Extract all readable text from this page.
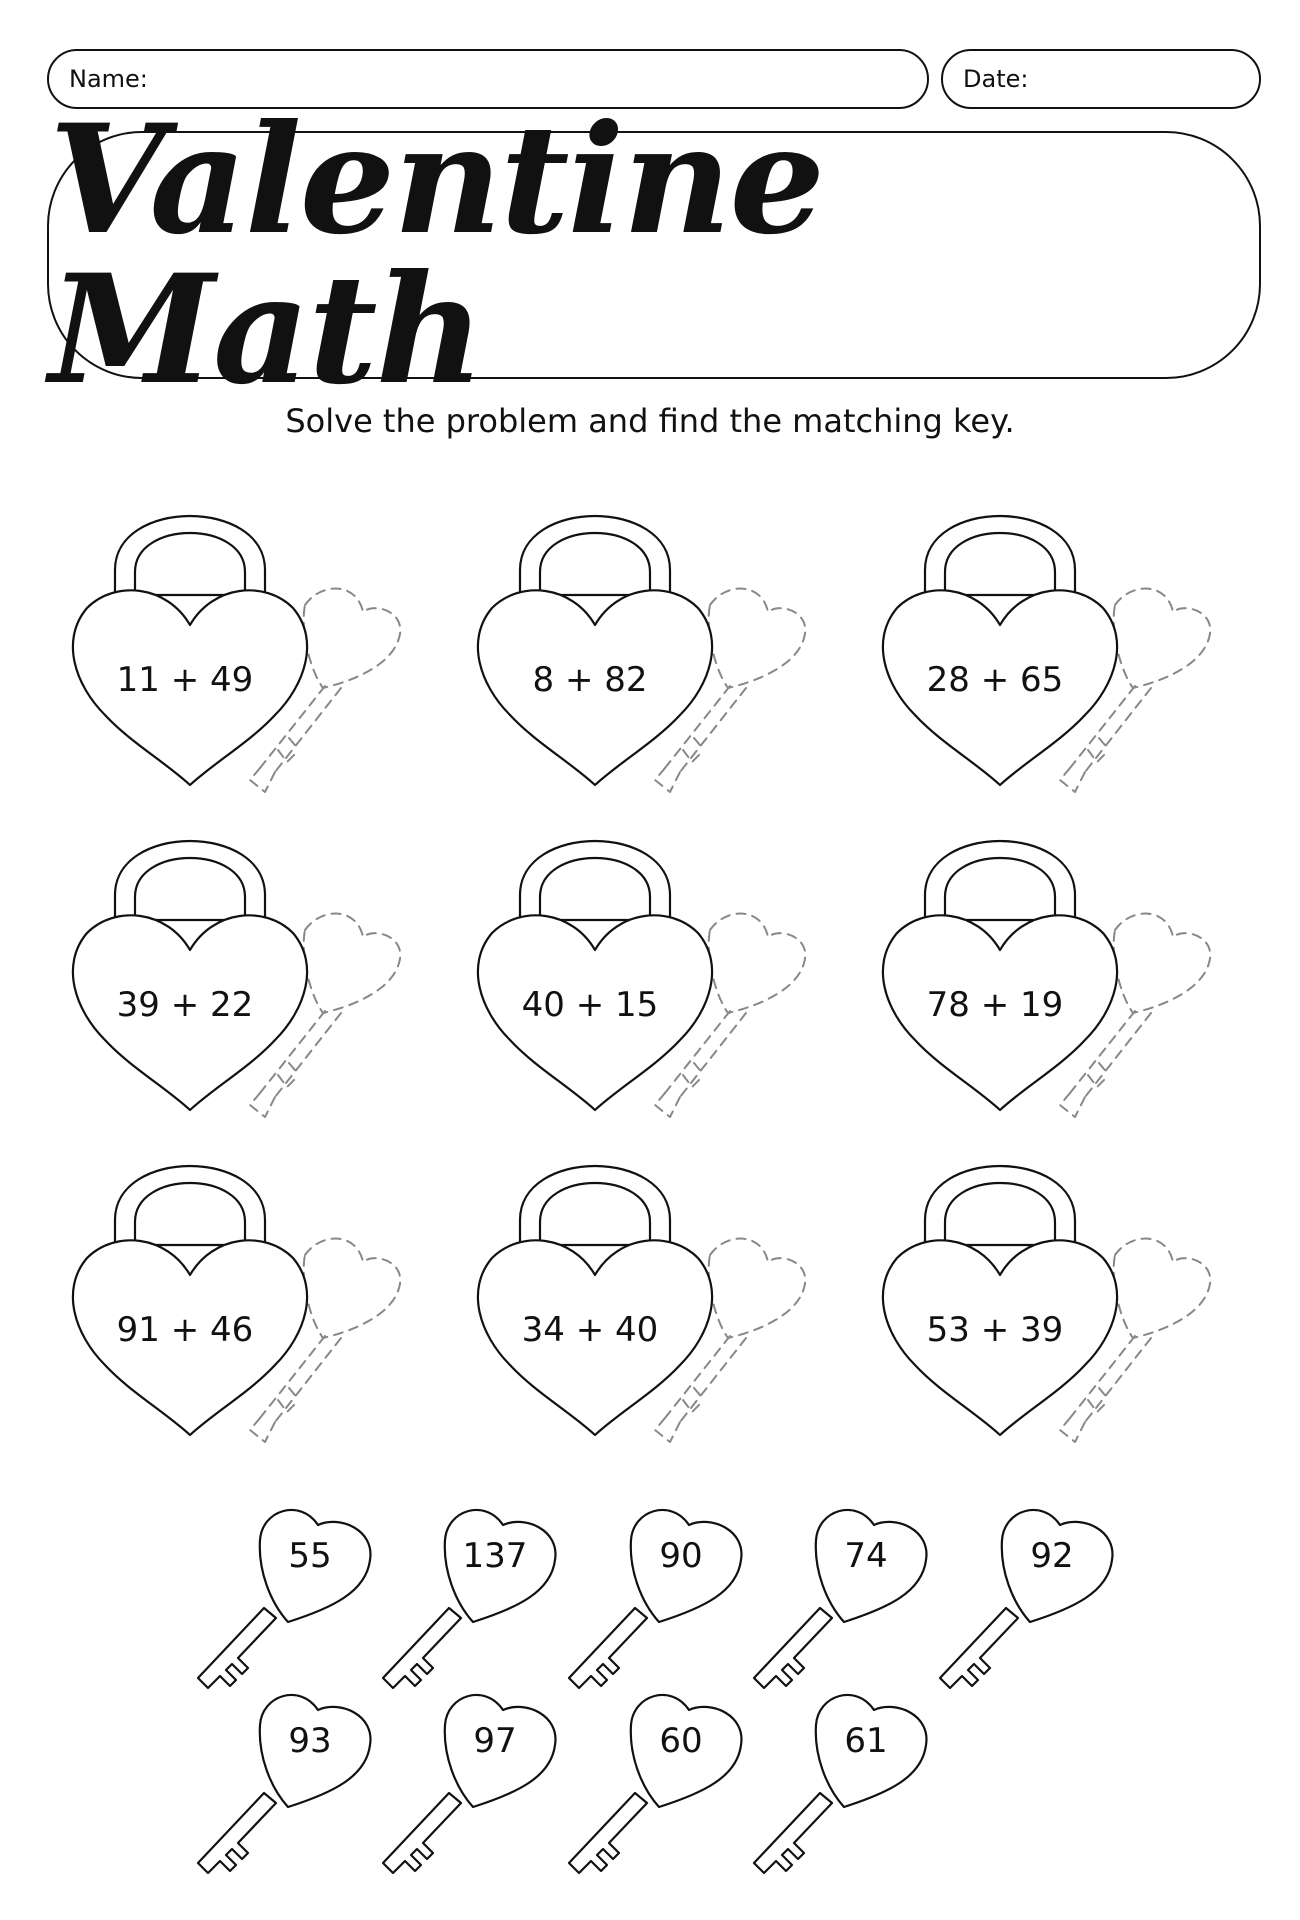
Name:	Date:
Valentine Math
Solve the problem and find the matching key.
11 + 49	8 + 82	28 + 65
39 + 22	40 + 15	78 + 19
91 + 46	34 + 40	53 + 39
55	137	90	74	92
93	97	60	61
